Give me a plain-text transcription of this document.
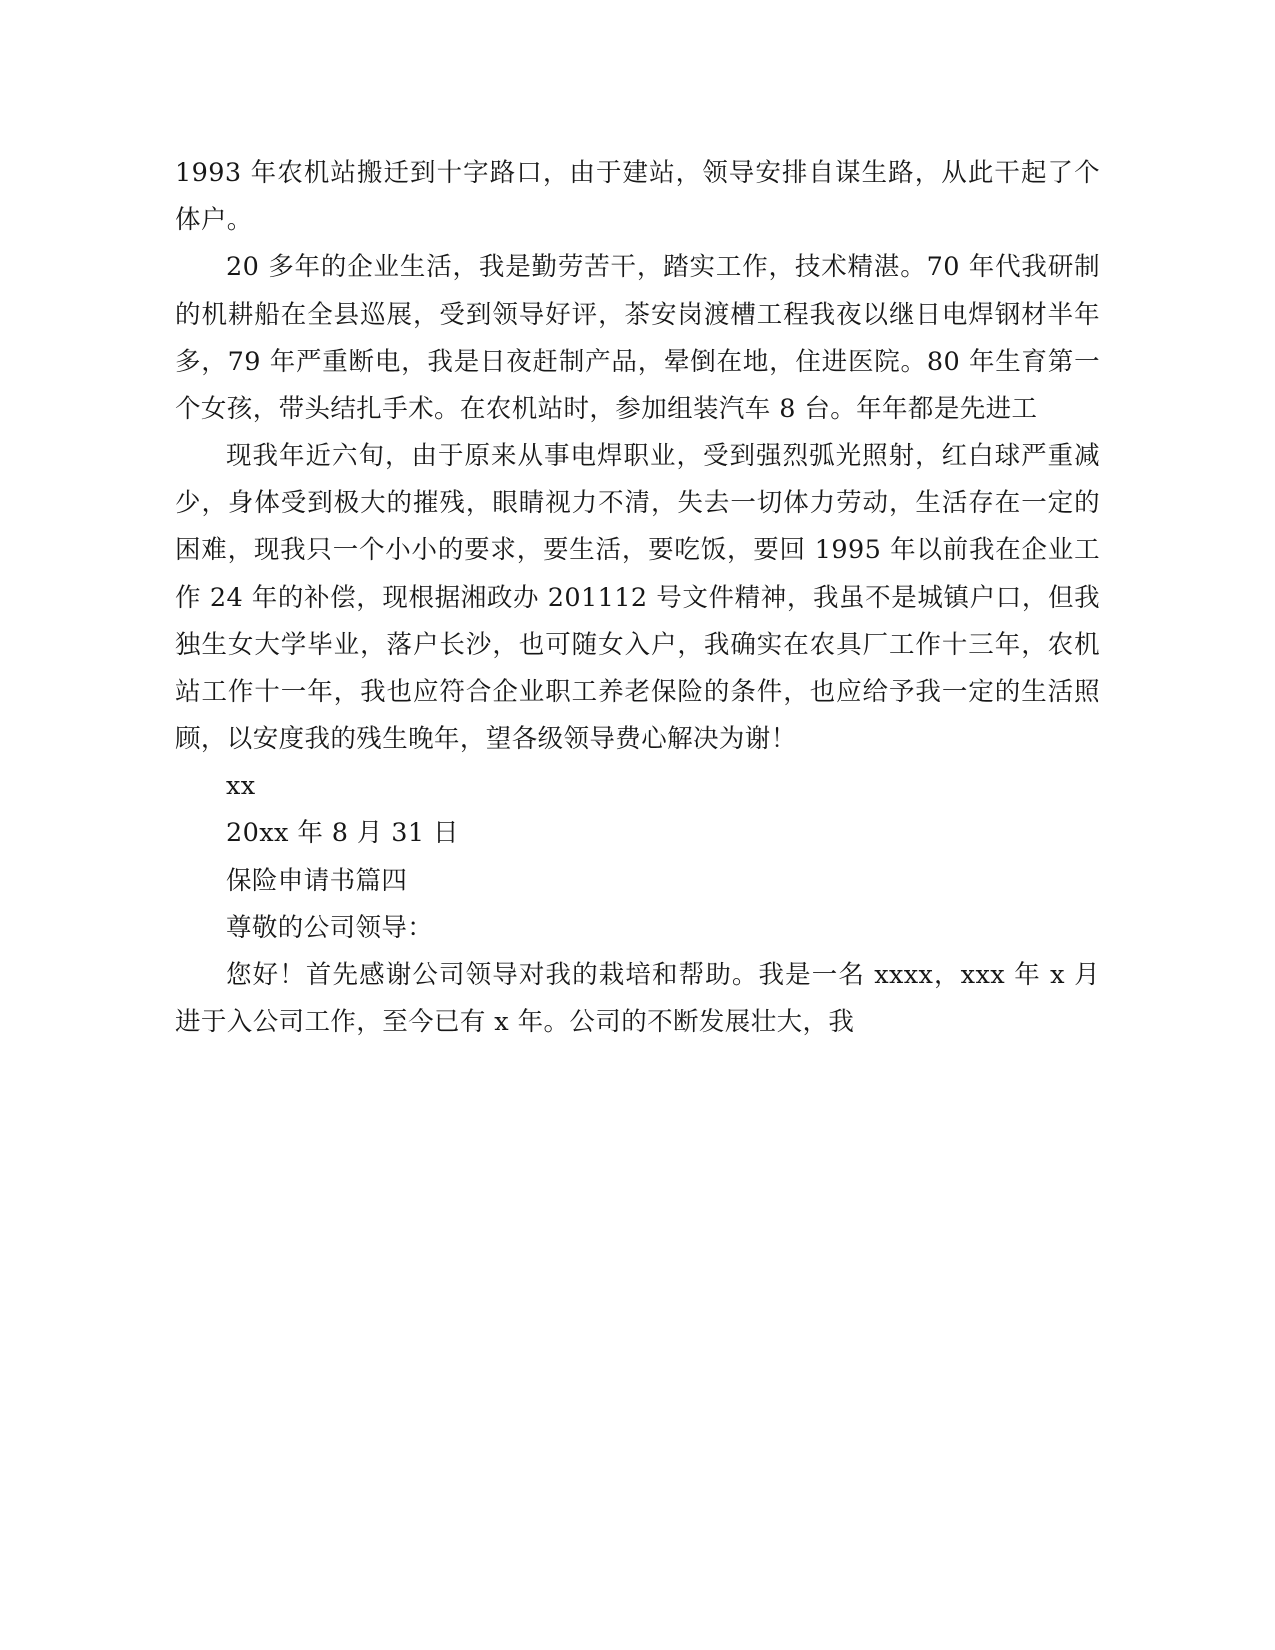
1993 年农机站搬迁到十字路口，由于建站，领导安排自谋生路，从此干起了个体户。

20 多年的企业生活，我是勤劳苦干，踏实工作，技术精湛。70 年代我研制的机耕船在全县巡展，受到领导好评，茶安岗渡槽工程我夜以继日电焊钢材半年多，79 年严重断电，我是日夜赶制产品，晕倒在地，住进医院。80 年生育第一个女孩，带头结扎手术。在农机站时，参加组装汽车 8 台。年年都是先进工

现我年近六旬，由于原来从事电焊职业，受到强烈弧光照射，红白球严重减少，身体受到极大的摧残，眼睛视力不清，失去一切体力劳动，生活存在一定的困难，现我只一个小小的要求，要生活，要吃饭，要回 1995 年以前我在企业工作 24 年的补偿，现根据湘政办 201112 号文件精神，我虽不是城镇户口，但我独生女大学毕业，落户长沙，也可随女入户，我确实在农具厂工作十三年，农机站工作十一年，我也应符合企业职工养老保险的条件，也应给予我一定的生活照顾，以安度我的残生晚年，望各级领导费心解决为谢！

xx

20xx 年 8 月 31 日

保险申请书篇四

尊敬的公司领导：

您好！首先感谢公司领导对我的栽培和帮助。我是一名 xxxx，xxx 年 x 月进于入公司工作，至今已有 x 年。公司的不断发展壮大，我
